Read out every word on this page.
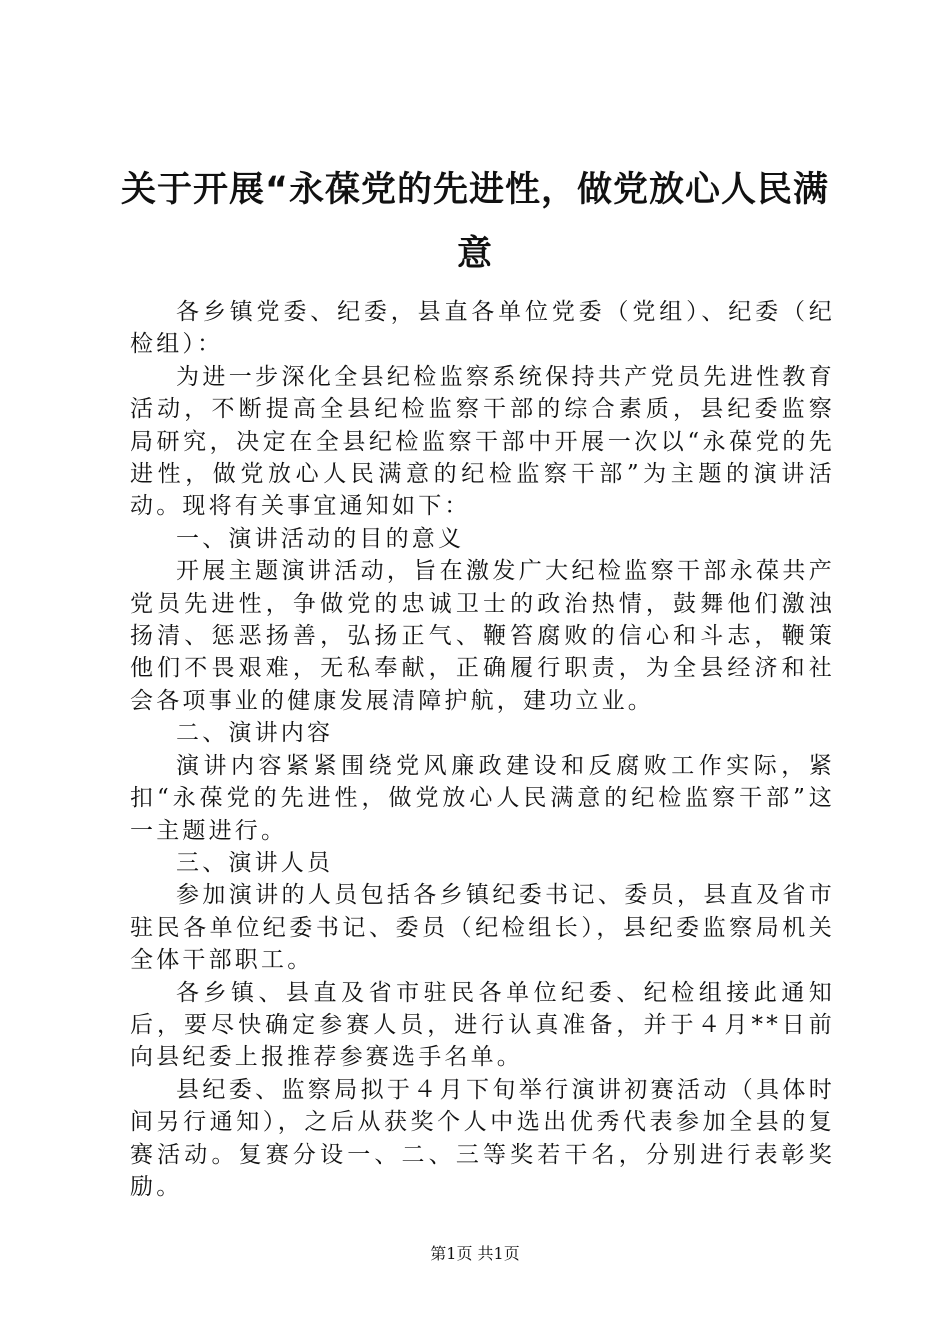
关于开展“永葆党的先进性，做党放心人民满意

各乡镇党委、纪委，县直各单位党委（党组）、纪委（纪检组）：

为进一步深化全县纪检监察系统保持共产党员先进性教育活动，不断提高全县纪检监察干部的综合素质，县纪委监察局研究，决定在全县纪检监察干部中开展一次以“永葆党的先进性，做党放心人民满意的纪检监察干部”为主题的演讲活动。现将有关事宜通知如下：

一、演讲活动的目的意义

开展主题演讲活动，旨在激发广大纪检监察干部永葆共产党员先进性，争做党的忠诚卫士的政治热情，鼓舞他们激浊扬清、惩恶扬善，弘扬正气、鞭笞腐败的信心和斗志，鞭策他们不畏艰难，无私奉献，正确履行职责，为全县经济和社会各项事业的健康发展清障护航，建功立业。

二、演讲内容

演讲内容紧紧围绕党风廉政建设和反腐败工作实际，紧扣“永葆党的先进性，做党放心人民满意的纪检监察干部”这一主题进行。

三、演讲人员

参加演讲的人员包括各乡镇纪委书记、委员，县直及省市驻民各单位纪委书记、委员（纪检组长），县纪委监察局机关全体干部职工。

各乡镇、县直及省市驻民各单位纪委、纪检组接此通知后，要尽快确定参赛人员，进行认真准备，并于４月**日前向县纪委上报推荐参赛选手名单。

县纪委、监察局拟于４月下旬举行演讲初赛活动（具体时间另行通知），之后从获奖个人中选出优秀代表参加全县的复赛活动。复赛分设一、二、三等奖若干名，分别进行表彰奖励。

第1页 共1页
